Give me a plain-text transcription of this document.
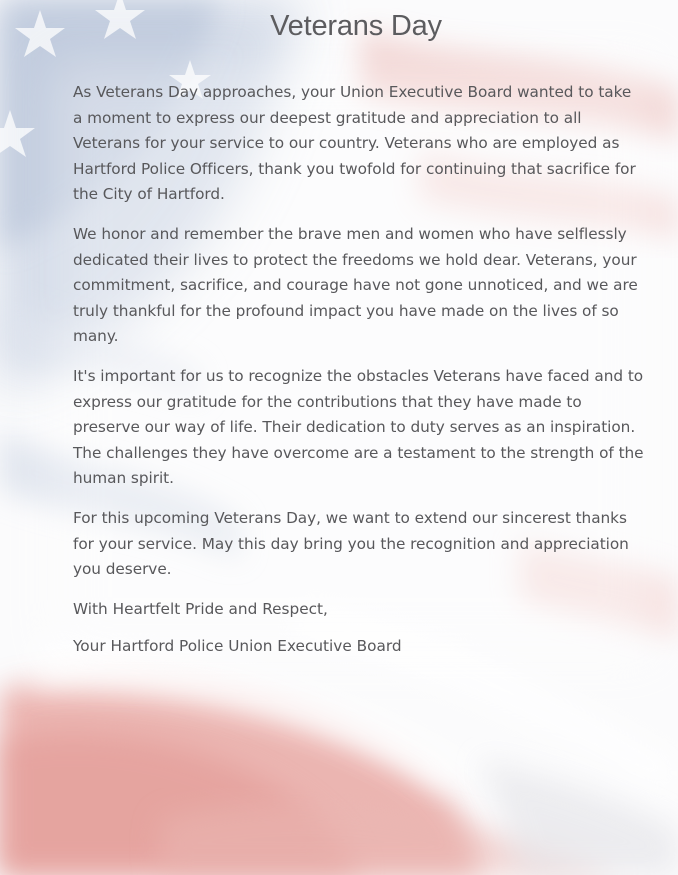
Veterans Day

As Veterans Day approaches, your Union Executive Board wanted to take a moment to express our deepest gratitude and appreciation to all Veterans for your service to our country. Veterans who are employed as Hartford Police Officers, thank you twofold for continuing that sacrifice for the City of Hartford.

We honor and remember the brave men and women who have selflessly dedicated their lives to protect the freedoms we hold dear. Veterans, your commitment, sacrifice, and courage have not gone unnoticed, and we are truly thankful for the profound impact you have made on the lives of so many.

It's important for us to recognize the obstacles Veterans have faced and to express our gratitude for the contributions that they have made to preserve our way of life. Their dedication to duty serves as an inspiration. The challenges they have overcome are a testament to the strength of the human spirit.

For this upcoming Veterans Day, we want to extend our sincerest thanks for your service. May this day bring you the recognition and appreciation you deserve.

With Heartfelt Pride and Respect,

Your Hartford Police Union Executive Board
